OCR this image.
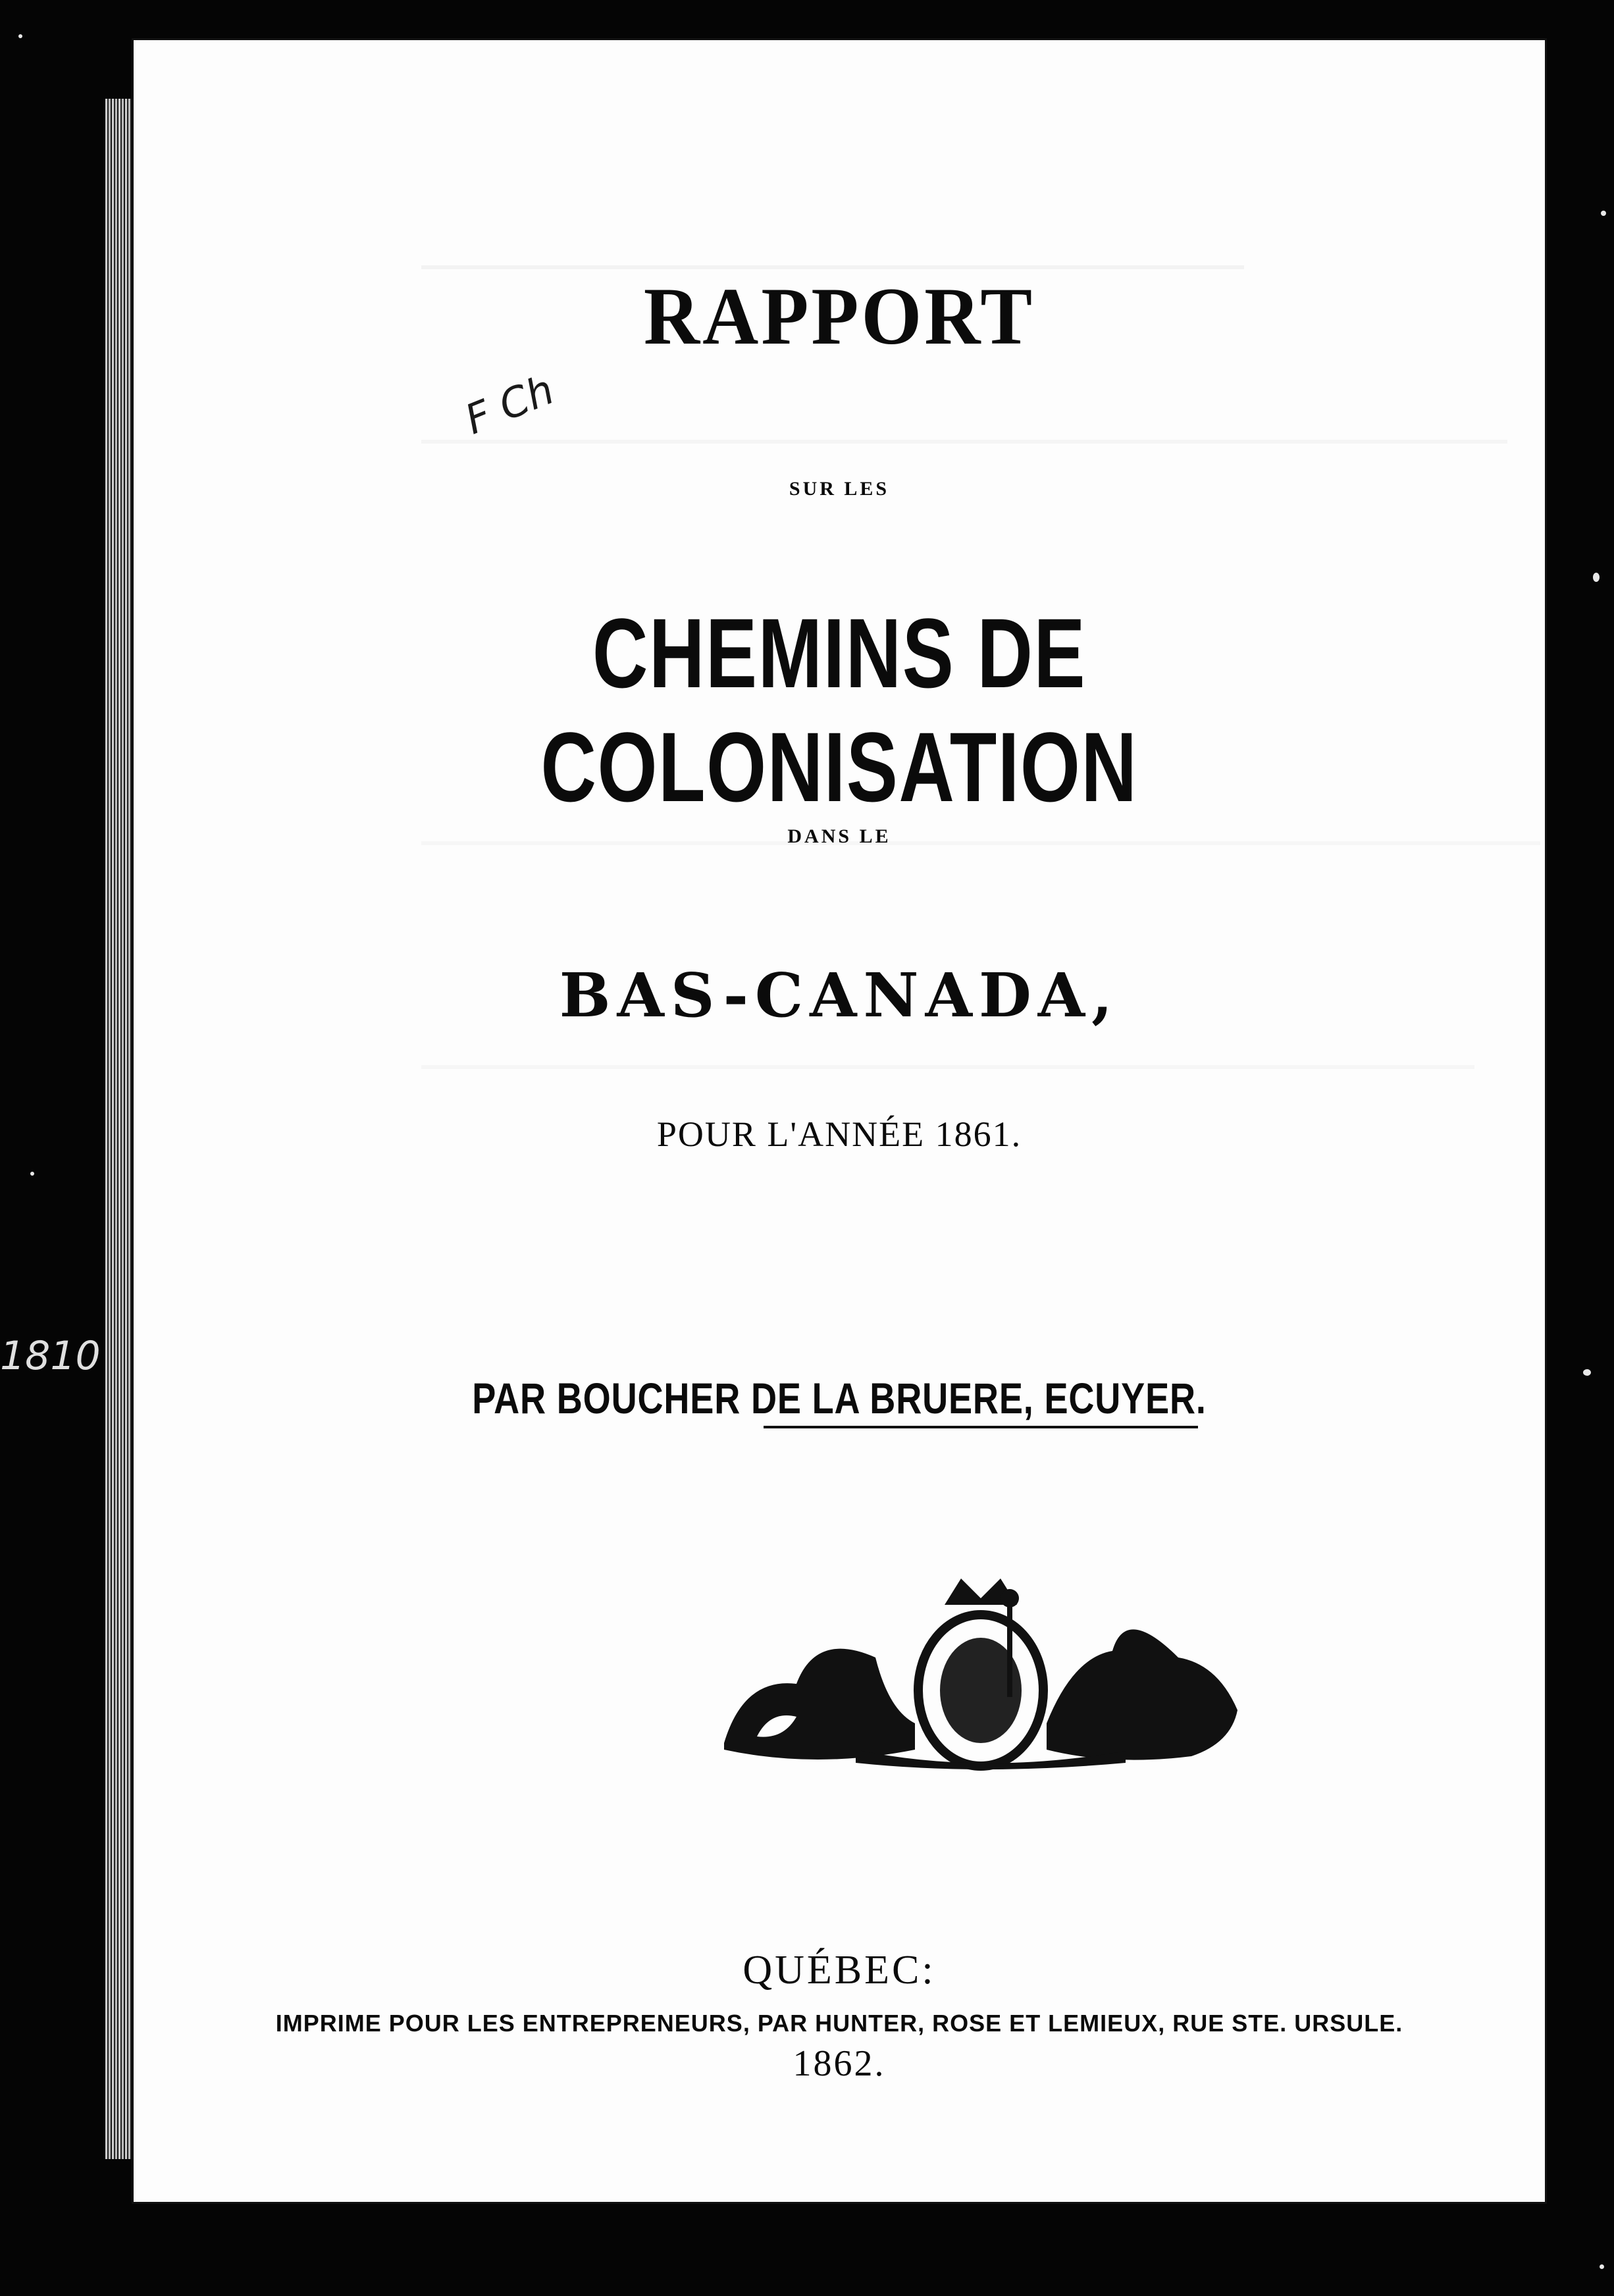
1810
F Ch
RAPPORT
SUR LES
CHEMINS DE COLONISATION
DANS LE
BAS-CANADA,
POUR L'ANNÉE 1861.
PAR BOUCHER DE LA BRUERE, ECUYER.
QUÉBEC:
IMPRIME POUR LES ENTREPRENEURS, PAR HUNTER, ROSE ET LEMIEUX, RUE STE. URSULE.
1862.
